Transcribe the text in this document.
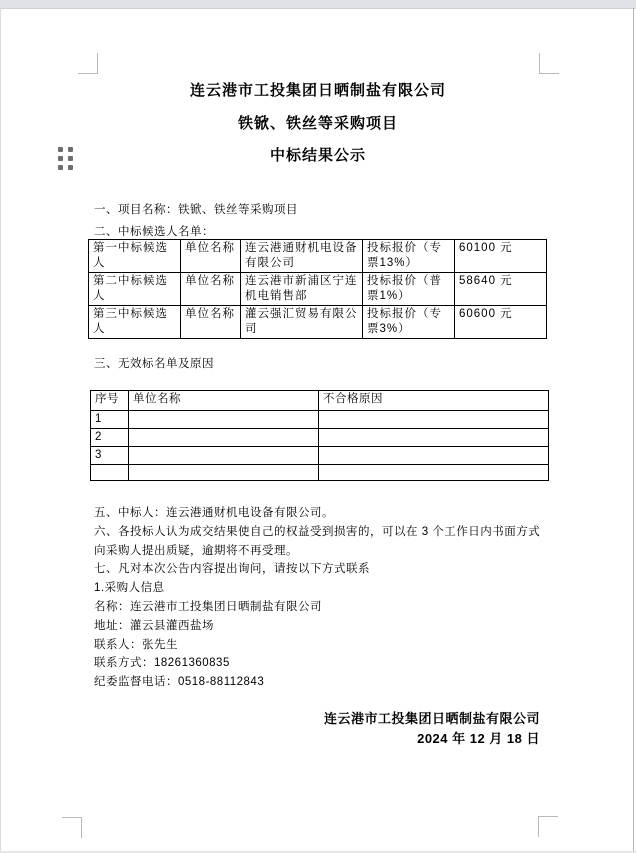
连云港市工投集团日晒制盐有限公司
铁锨、铁丝等采购项目
中标结果公示
一、项目名称：铁锨、铁丝等采购项目
二、中标候选人名单：
第一中标候选人	单位名称	连云港通财机电设备有限公司	投标报价（专票13%）	60100 元
第二中标候选人	单位名称	连云港市新浦区宁连机电销售部	投标报价（普票1%）	58640 元
第三中标候选人	单位名称	灌云强汇贸易有限公司	投标报价（专票3%）	60600 元
三、无效标名单及原因
序号	单位名称	不合格原因
1		
2		
3		

五、中标人：连云港通财机电设备有限公司。

六、各投标人认为成交结果使自己的权益受到损害的，可以在 3 个工作日内书面方式向采购人提出质疑，逾期将不再受理。

七、凡对本次公告内容提出询问，请按以下方式联系

1.采购人信息

名称：连云港市工投集团日晒制盐有限公司

地址：灌云县灌西盐场

联系人：张先生

联系方式：18261360835

纪委监督电话：0518-88112843

连云港市工投集团日晒制盐有限公司
2024 年 12 月 18 日
